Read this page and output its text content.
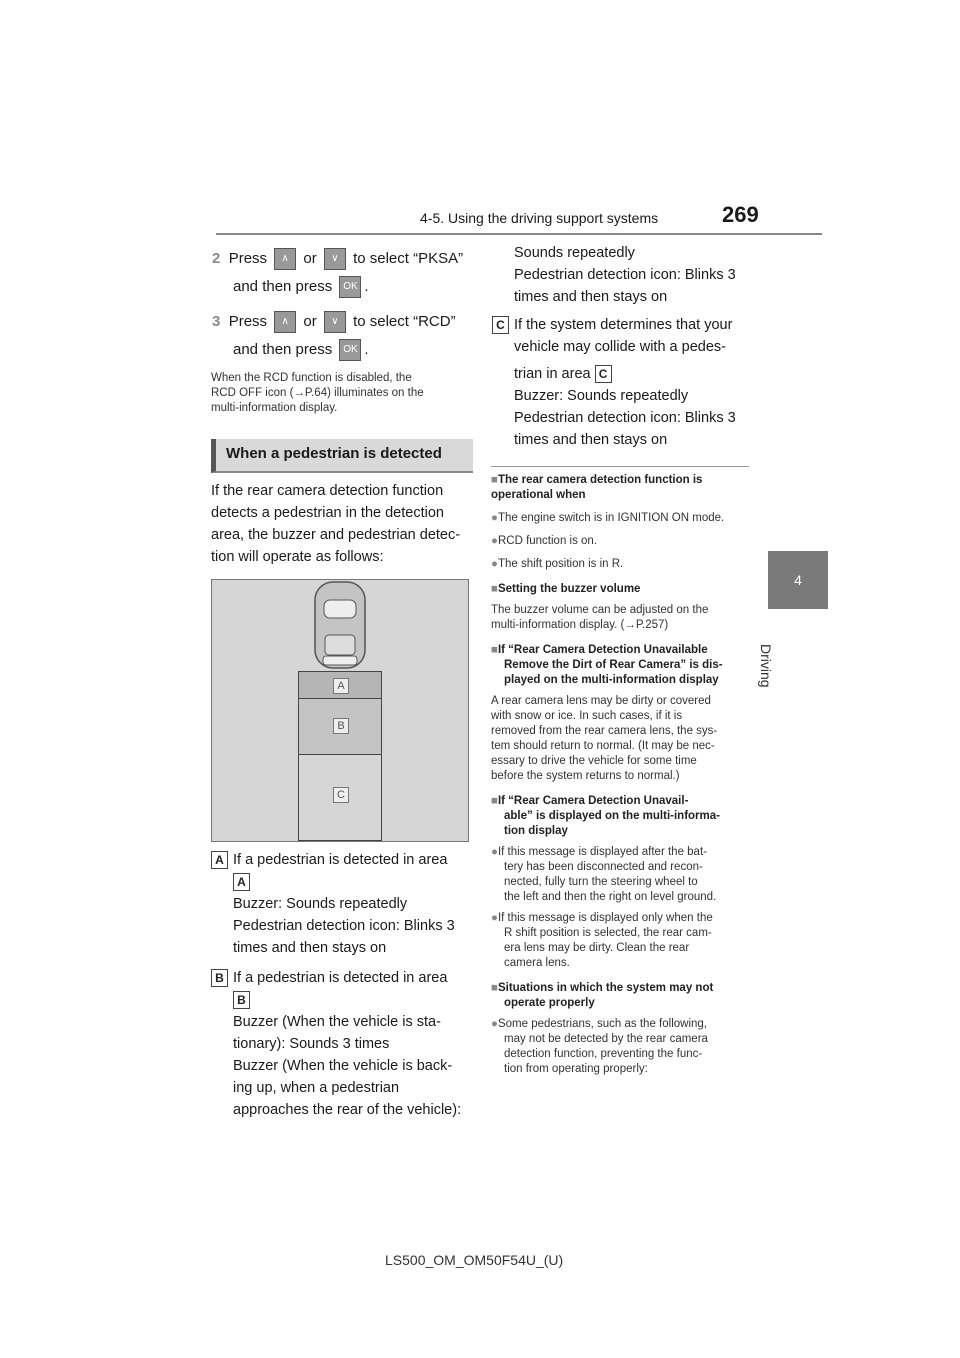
4-5. Using the driving support systems	269
4
Driving
2 Press ∧ or ∨ to select “PKSA”
and then press OK .
3 Press ∧ or ∨ to select “RCD”
and then press OK .
When the RCD function is disabled, the
RCD OFF icon (→P.64) illuminates on the
multi-information display.
When a pedestrian is detected
If the rear camera detection function
detects a pedestrian in the detection
area, the buzzer and pedestrian detec-
tion will operate as follows:
A
B
C
A If a pedestrian is detected in area
A
Buzzer: Sounds repeatedly
Pedestrian detection icon: Blinks 3
times and then stays on
B If a pedestrian is detected in area
B
Buzzer (When the vehicle is sta-
tionary): Sounds 3 times
Buzzer (When the vehicle is back-
ing up, when a pedestrian
approaches the rear of the vehicle):
Sounds repeatedly
Pedestrian detection icon: Blinks 3
times and then stays on
C If the system determines that your
vehicle may collide with a pedes-
trian in area C
Buzzer: Sounds repeatedly
Pedestrian detection icon: Blinks 3
times and then stays on
■The rear camera detection function is operational when
●The engine switch is in IGNITION ON mode.
●RCD function is on.
●The shift position is in R.
■Setting the buzzer volume
The buzzer volume can be adjusted on the
multi-information display. (→P.257)
■If “Rear Camera Detection Unavailable
Remove the Dirt of Rear Camera” is dis-
played on the multi-information display
A rear camera lens may be dirty or covered
with snow or ice. In such cases, if it is
removed from the rear camera lens, the sys-
tem should return to normal. (It may be nec-
essary to drive the vehicle for some time
before the system returns to normal.)
■If “Rear Camera Detection Unavail-
able” is displayed on the multi-informa-
tion display
●If this message is displayed after the bat-
tery has been disconnected and recon-
nected, fully turn the steering wheel to
the left and then the right on level ground.
●If this message is displayed only when the
R shift position is selected, the rear cam-
era lens may be dirty. Clean the rear
camera lens.
■Situations in which the system may not
operate properly
●Some pedestrians, such as the following,
may not be detected by the rear camera
detection function, preventing the func-
tion from operating properly:
LS500_OM_OM50F54U_(U)
